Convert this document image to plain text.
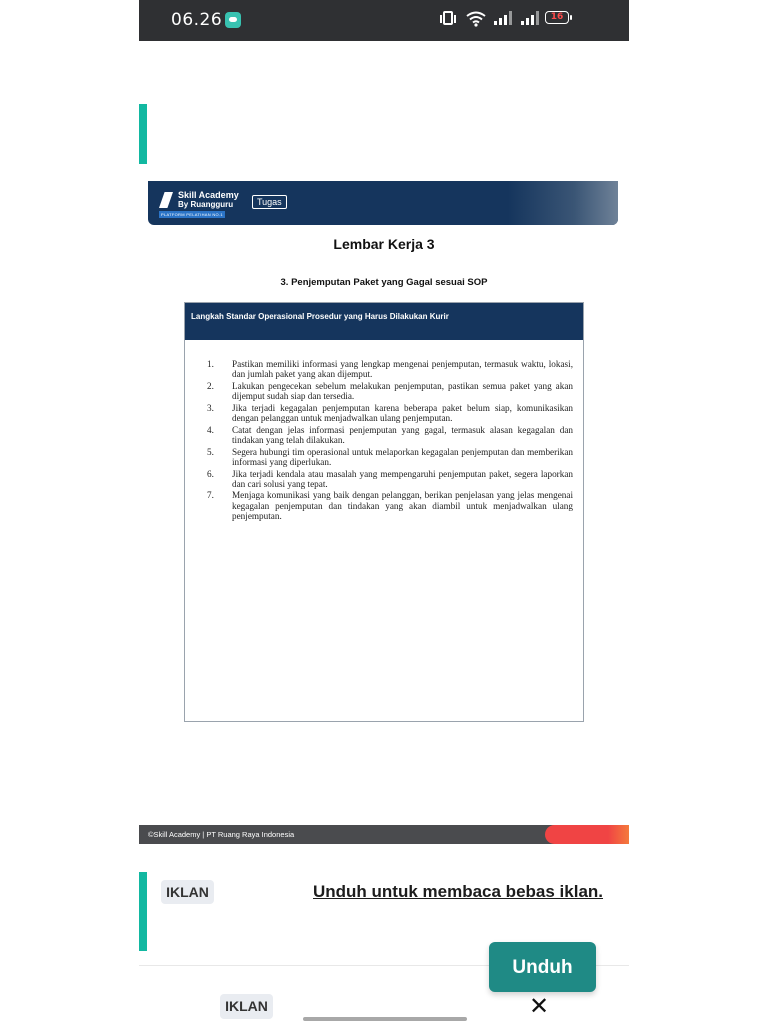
06.26	16
Skill Academy
By Ruangguru
PLATFORM PELATIHAN NO.1
Tugas
Lembar Kerja 3
3. Penjemputan Paket yang Gagal sesuai SOP
Langkah Standar Operasional Prosedur yang Harus Dilakukan Kurir
1. Pastikan memiliki informasi yang lengkap mengenai penjemputan, termasuk waktu, lokasi, dan jumlah paket yang akan dijemput.
2. Lakukan pengecekan sebelum melakukan penjemputan, pastikan semua paket yang akan dijemput sudah siap dan tersedia.
3. Jika terjadi kegagalan penjemputan karena beberapa paket belum siap, komunikasikan dengan pelanggan untuk menjadwalkan ulang penjemputan.
4. Catat dengan jelas informasi penjemputan yang gagal, termasuk alasan kegagalan dan tindakan yang telah dilakukan.
5. Segera hubungi tim operasional untuk melaporkan kegagalan penjemputan dan memberikan informasi yang diperlukan.
6. Jika terjadi kendala atau masalah yang mempengaruhi penjemputan paket, segera laporkan dan cari solusi yang tepat.
7. Menjaga komunikasi yang baik dengan pelanggan, berikan penjelasan yang jelas mengenai kegagalan penjemputan dan tindakan yang akan diambil untuk menjadwalkan ulang penjemputan.
©Skill Academy | PT Ruang Raya Indonesia
IKLAN	Unduh untuk membaca bebas iklan.
Unduh
IKLAN	✕
